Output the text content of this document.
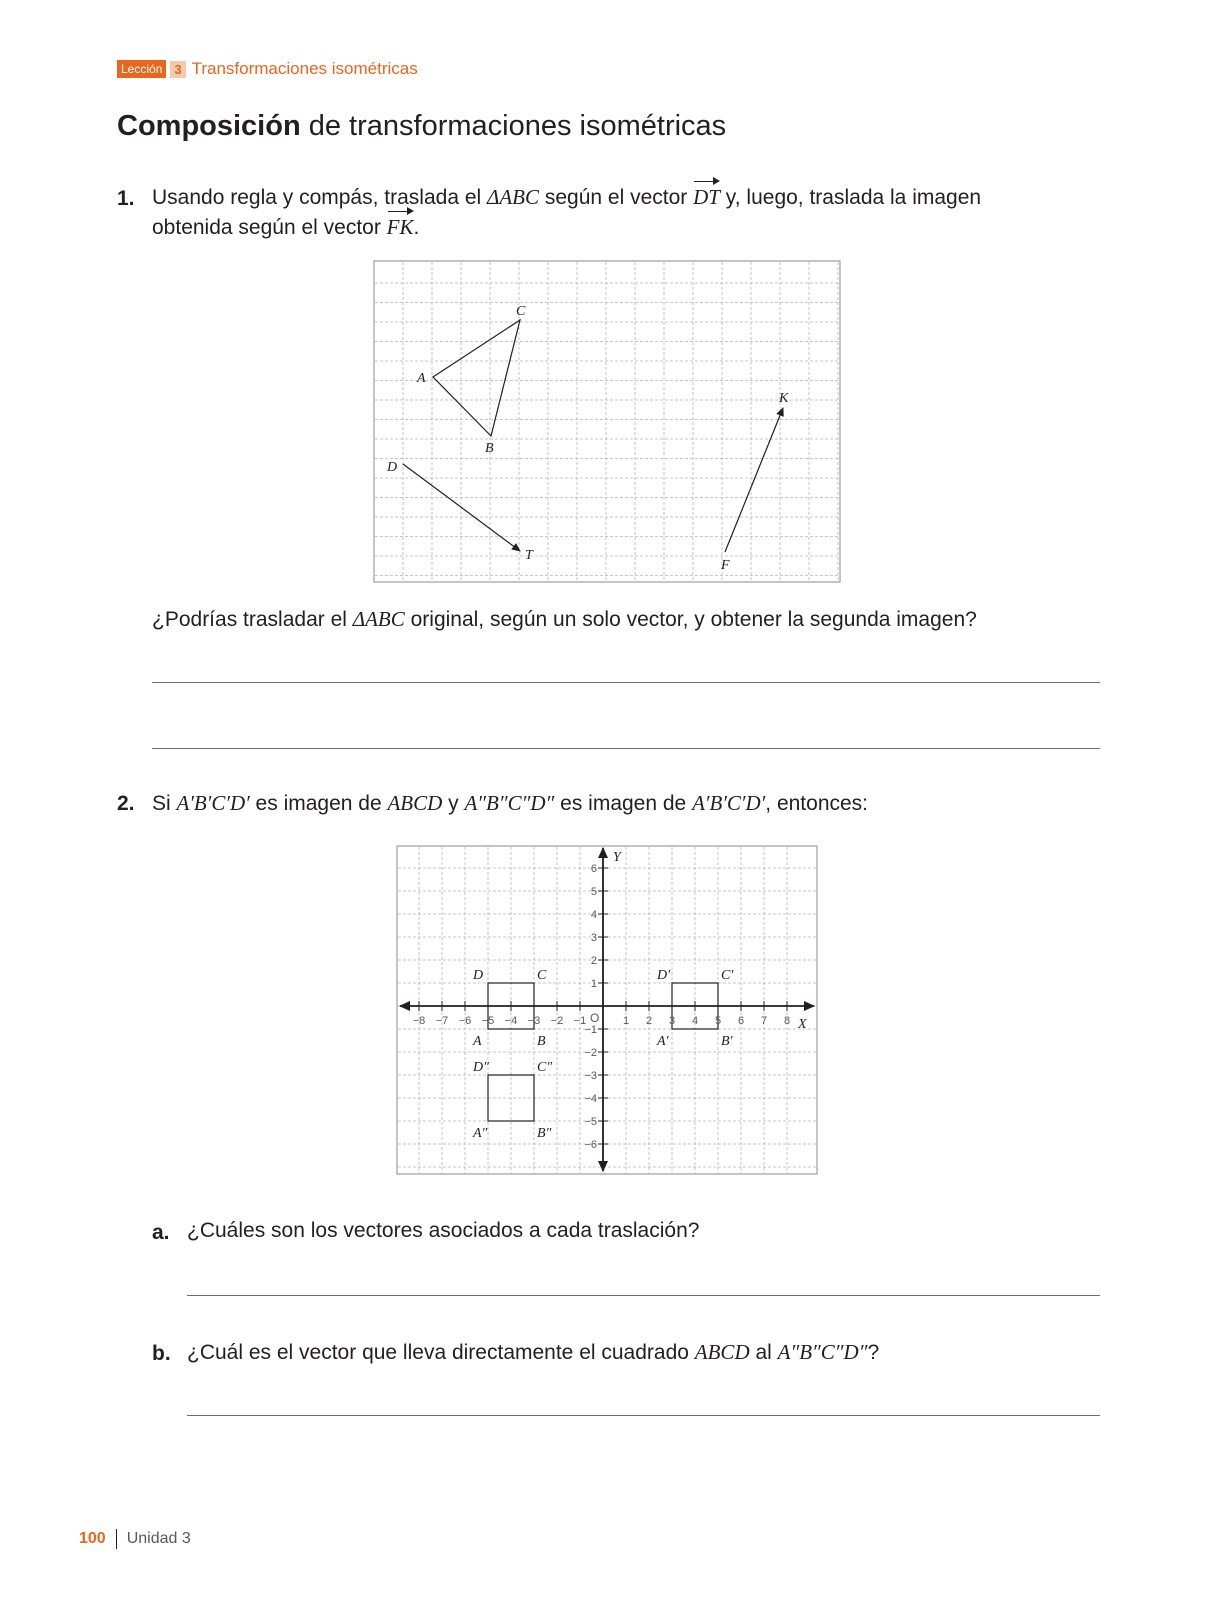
Lección 3 Transformaciones isométricas
Composición de transformaciones isométricas
1. Usando regla y compás, traslada el ΔABC según el vector DT y, luego, traslada la imagen
obtenida según el vector FK.
A
B
C
D
T
F
K
¿Podrías trasladar el ΔABC original, según un solo vector, y obtener la segunda imagen?
2. Si A′B′C′D′ es imagen de ABCD y A″B″C″D″ es imagen de A′B′C′D′, entonces:
−8 −7 −6 −5 −4 −3 −2 −1	1 2 3 4 5 6 7 8
1
2
3
4
5
6
−1
−2
−3
−4
−5
−6
O	X
Y
D	C
A	B
D′	C′
A′	B′
D″	C″
A″	B″
a. ¿Cuáles son los vectores asociados a cada traslación?
b. ¿Cuál es el vector que lleva directamente el cuadrado ABCD al A″B″C″D″?
100 Unidad 3
